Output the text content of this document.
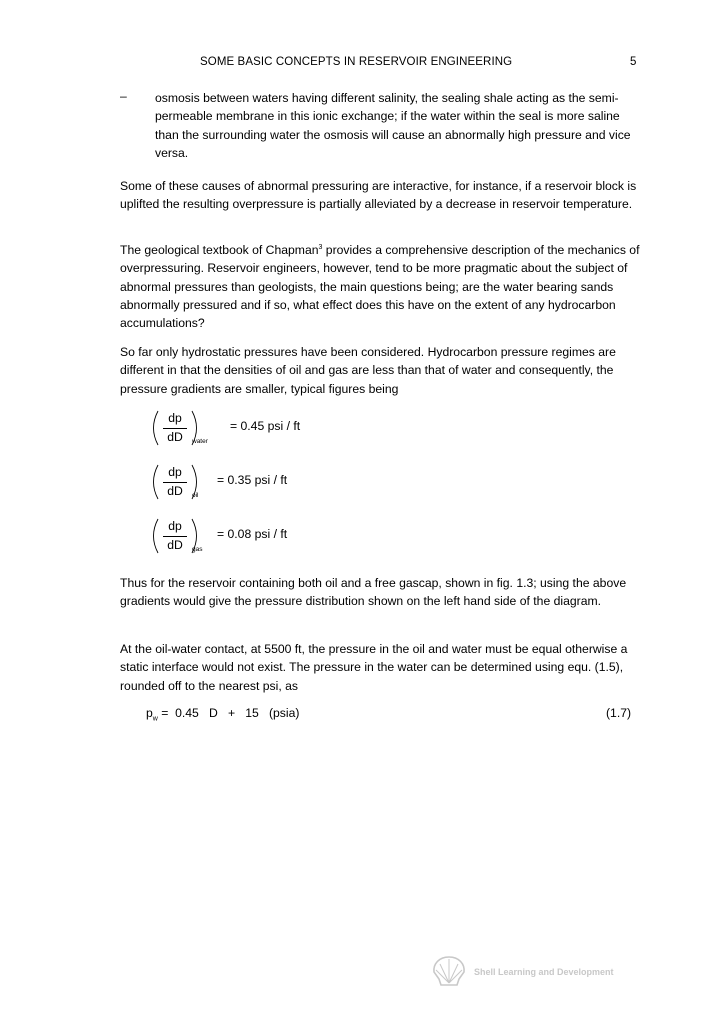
SOME BASIC CONCEPTS IN RESERVOIR ENGINEERING	5
– osmosis between waters having different salinity, the sealing shale acting as the semi-permeable membrane in this ionic exchange; if the water within the seal is more saline than the surrounding water the osmosis will cause an abnormally high pressure and vice versa.

Some of these causes of abnormal pressuring are interactive, for instance, if a reservoir block is uplifted the resulting overpressure is partially alleviated by a decrease in reservoir temperature.

The geological textbook of Chapman$^3$ provides a comprehensive description of the mechanics of overpressuring. Reservoir engineers, however, tend to be more pragmatic about the subject of abnormal pressures than geologists, the main questions being; are the water bearing sands abnormally pressured and if so, what effect does this have on the extent of any hydrocarbon accumulations?

So far only hydrostatic pressures have been considered. Hydrocarbon pressure regimes are different in that the densities of oil and gas are less than that of water and consequently, the pressure gradients are smaller, typical figures being

dp
dD	water
= 0.45 psi / ft
dp
dD	oil
= 0.35 psi / ft
dp
dD	gas
= 0.08 psi / ft

Thus for the reservoir containing both oil and a free gascap, shown in fig. 1.3; using the above gradients would give the pressure distribution shown on the left hand side of the diagram.

At the oil-water contact, at 5500 ft, the pressure in the oil and water must be equal otherwise a static interface would not exist. The pressure in the water can be determined using equ. (1.5), rounded off to the nearest psi, as

$p_w = 0.45$   D   +   15   (psia)	(1.7)
Shell Learning and Development
